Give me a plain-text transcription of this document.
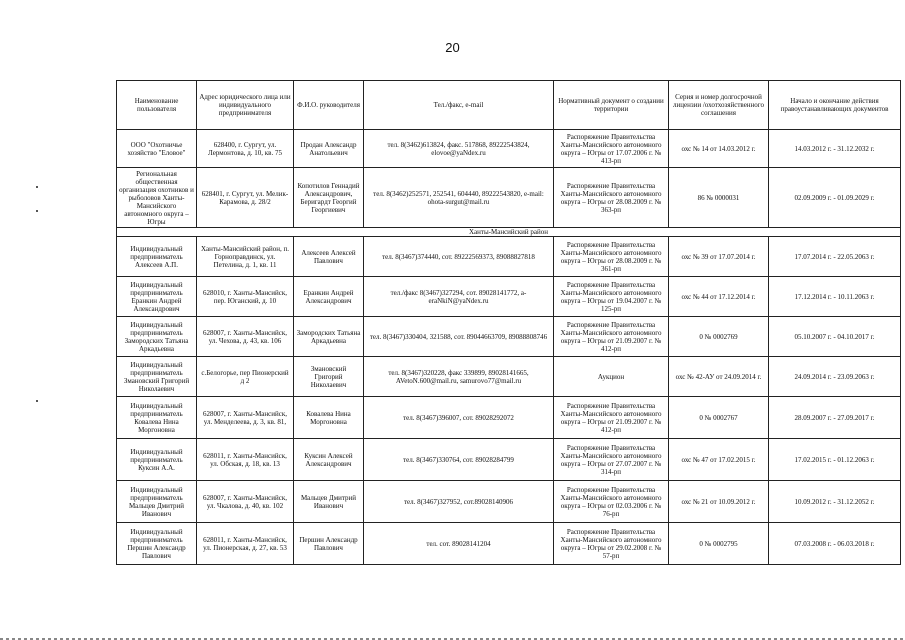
20
Наименование пользователя	Адрес юридического лица или индивидуального предпринимателя	Ф.И.О. руководителя	Тел./факс, e-mail	Нормативный документ о создании территории	Серия и номер долгосрочной лицензии /охотхозяйственного соглашения	Начало и окончание действия правоустанавливающих документов
ООО "Охотничье хозяйство "Еловое"	628400, г. Сургут, ул. Лермонтова, д. 10, кв. 75	Продан Александр Анатольевич	тел. 8(3462)613824, факс. 517868, 89222543824, elovoe@yaNdex.ru	Распоряжение Правительства Ханты-Мансийского автономного округа – Югры от 17.07.2006 г. № 413-рп	охс № 14 от 14.03.2012 г.	14.03.2012 г. - 31.12.2032 г.
Региональная общественная организация охотников и рыболовов Ханты-Мансийского автономного округа – Югры	628401, г. Сургут, ул. Мелик-Карамова, д. 28/2	Копотилов Геннадий Александрович, Беригардт Георгий Георгиевич	тел. 8(3462)252571, 252541, 604440, 89222543820, e-mail: ohota-surgut@mail.ru	Распоряжение Правительства Ханты-Мансийского автономного округа – Югры от 28.08.2009 г. № 363-рп	86 № 0000031	02.09.2009 г. - 01.09.2029 г.
Ханты-Мансийский район						
Индивидуальный предприниматель Алексеев А.П.	Ханты-Мансийский район, п. Горноправдинск, ул. Петелина, д. 1, кв. 11	Алексеев Алексей Павлович	тел. 8(3467)374440, сот. 89222569373, 89088827818	Распоряжение Правительства Ханты-Мансийского автономного округа – Югры от 28.08.2009 г. № 361-рп	охс № 39 от 17.07.2014 г.	17.07.2014 г. - 22.05.2063 г.
Индивидуальный предприниматель Еранкин Андрей Александрович	628010, г. Ханты-Мансийск, пер. Юганский, д. 10	Еранкин Андрей Александрович	тел./факс 8(3467)327294, сот. 89028141772, a-eraNkiN@yaNdex.ru	Распоряжение Правительства Ханты-Мансийского автономного округа – Югры от 19.04.2007 г. № 125-рп	охс № 44 от 17.12.2014 г.	17.12.2014 г. - 10.11.2063 г.
Индивидуальный предприниматель Замородских Татьяна Аркадьевна	628007, г. Ханты-Мансийск, ул. Чехова, д. 43, кв. 106	Замородских Татьяна Аркадьевна	тел. 8(3467)330404, 321588, сот. 89044663709, 89088808746	Распоряжение Правительства Ханты-Мансийского автономного округа – Югры от 21.09.2007 г. № 412-рп	0 № 0002769	05.10.2007 г. - 04.10.2017 г.
Индивидуальный предприниматель Змановский Григорий Николаевич	с.Белогорье, пер Пионерский д 2	Змановский Григорий Николаевич	тел. 8(3467)320228, факс 339899, 89028141665, AVetoN.600@mail.ru, samurovo77@mail.ru	Аукцион	охс № 42-АУ от 24.09.2014 г.	24.09.2014 г. - 23.09.2063 г.
Индивидуальный предприниматель Ковалева Нина Моргоновна	628007, г. Ханты-Мансийск, ул. Менделеева, д. 3, кв. 81,	Ковалева Нина Моргоновна	тел. 8(3467)396007, сот. 89028292072	Распоряжение Правительства Ханты-Мансийского автономного округа – Югры от 21.09.2007 г. № 412-рп	0 № 0002767	28.09.2007 г. - 27.09.2017 г.
Индивидуальный предприниматель Куксин А.А.	628011, г. Ханты-Мансийск, ул. Обская, д. 18, кв. 13	Куксин Алексей Александрович	тел. 8(3467)330764, сот. 89028284799	Распоряжение Правительства Ханты-Мансийского автономного округа – Югры от 27.07.2007 г. № 314-рп	охс № 47 от 17.02.2015 г.	17.02.2015 г. - 01.12.2063 г.
Индивидуальный предприниматель Мальцев Дмитрий Иванович	628007, г. Ханты-Мансийск, ул. Чкалова, д. 40, кв. 102	Мальцев Дмитрий Иванович	тел. 8(3467)327952, сот.89028140906	Распоряжение Правительства Ханты-Мансийского автономного округа – Югры от 02.03.2006 г. № 76-рп	охс № 21 от 10.09.2012 г.	10.09.2012 г. - 31.12.2052 г.
Индивидуальный предприниматель Першин Александр Павлович	628011, г. Ханты-Мансийск, ул. Пионерская, д. 27, кв. 53	Першин Александр Павлович	тел. сот. 89028141204	Распоряжение Правительства Ханты-Мансийского автономного округа – Югры от 29.02.2008 г. № 57-рп	0 № 0002795	07.03.2008 г. - 06.03.2018 г.
